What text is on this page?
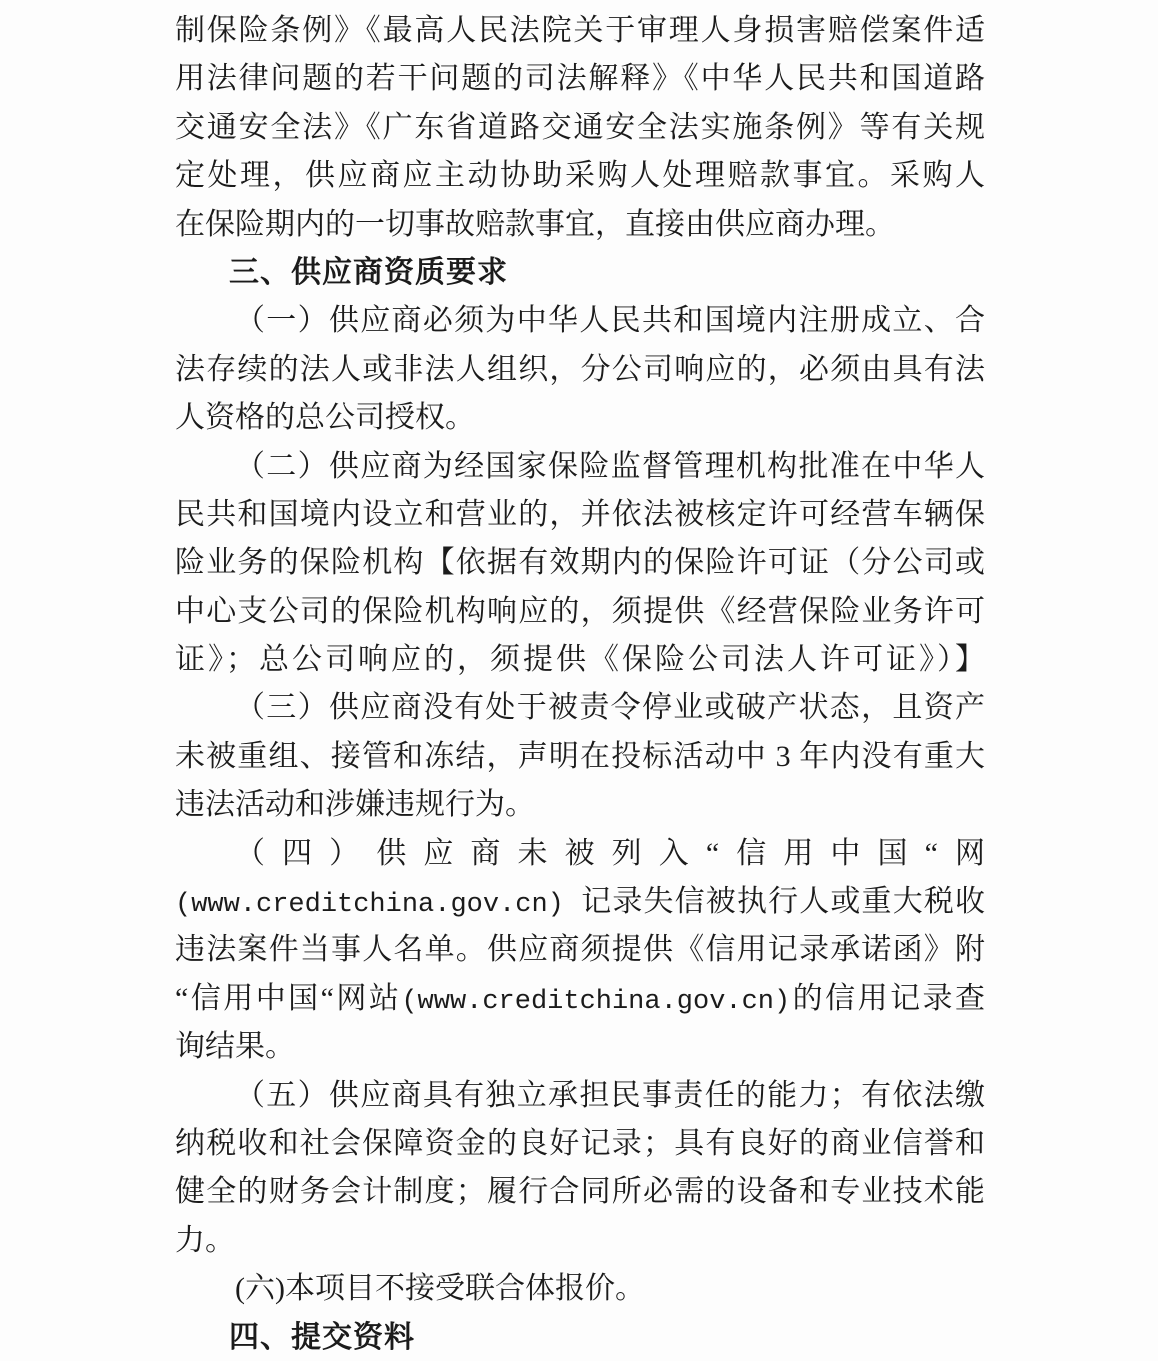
制保险条例》《最高人民法院关于审理人身损害赔偿案件适
用法律问题的若干问题的司法解释》《中华人民共和国道路
交通安全法》《广东省道路交通安全法实施条例》等有关规
定处理，供应商应主动协助采购人处理赔款事宜。采购人
在保险期内的一切事故赔款事宜，直接由供应商办理。
三、供应商资质要求
（一）供应商必须为中华人民共和国境内注册成立、合
法存续的法人或非法人组织，分公司响应的，必须由具有法
人资格的总公司授权。
（二）供应商为经国家保险监督管理机构批准在中华人
民共和国境内设立和营业的，并依法被核定许可经营车辆保
险业务的保险机构【依据有效期内的保险许可证（分公司或
中心支公司的保险机构响应的，须提供《经营保险业务许可
证》；总公司响应的，须提供《保险公司法人许可证》）】
（三）供应商没有处于被责令停业或破产状态，且资产
未被重组、接管和冻结，声明在投标活动中 3 年内没有重大
违法活动和涉嫌违规行为。
（四）供应商未被列入“信用中国“网
(www.creditchina.gov.cn) 记录失信被执行人或重大税收
违法案件当事人名单。供应商须提供《信用记录承诺函》附
“信用中国“网站(www.creditchina.gov.cn)的信用记录查
询结果。
（五）供应商具有独立承担民事责任的能力；有依法缴
纳税收和社会保障资金的良好记录；具有良好的商业信誉和
健全的财务会计制度；履行合同所必需的设备和专业技术能
力。
(六)本项目不接受联合体报价。
四、提交资料
